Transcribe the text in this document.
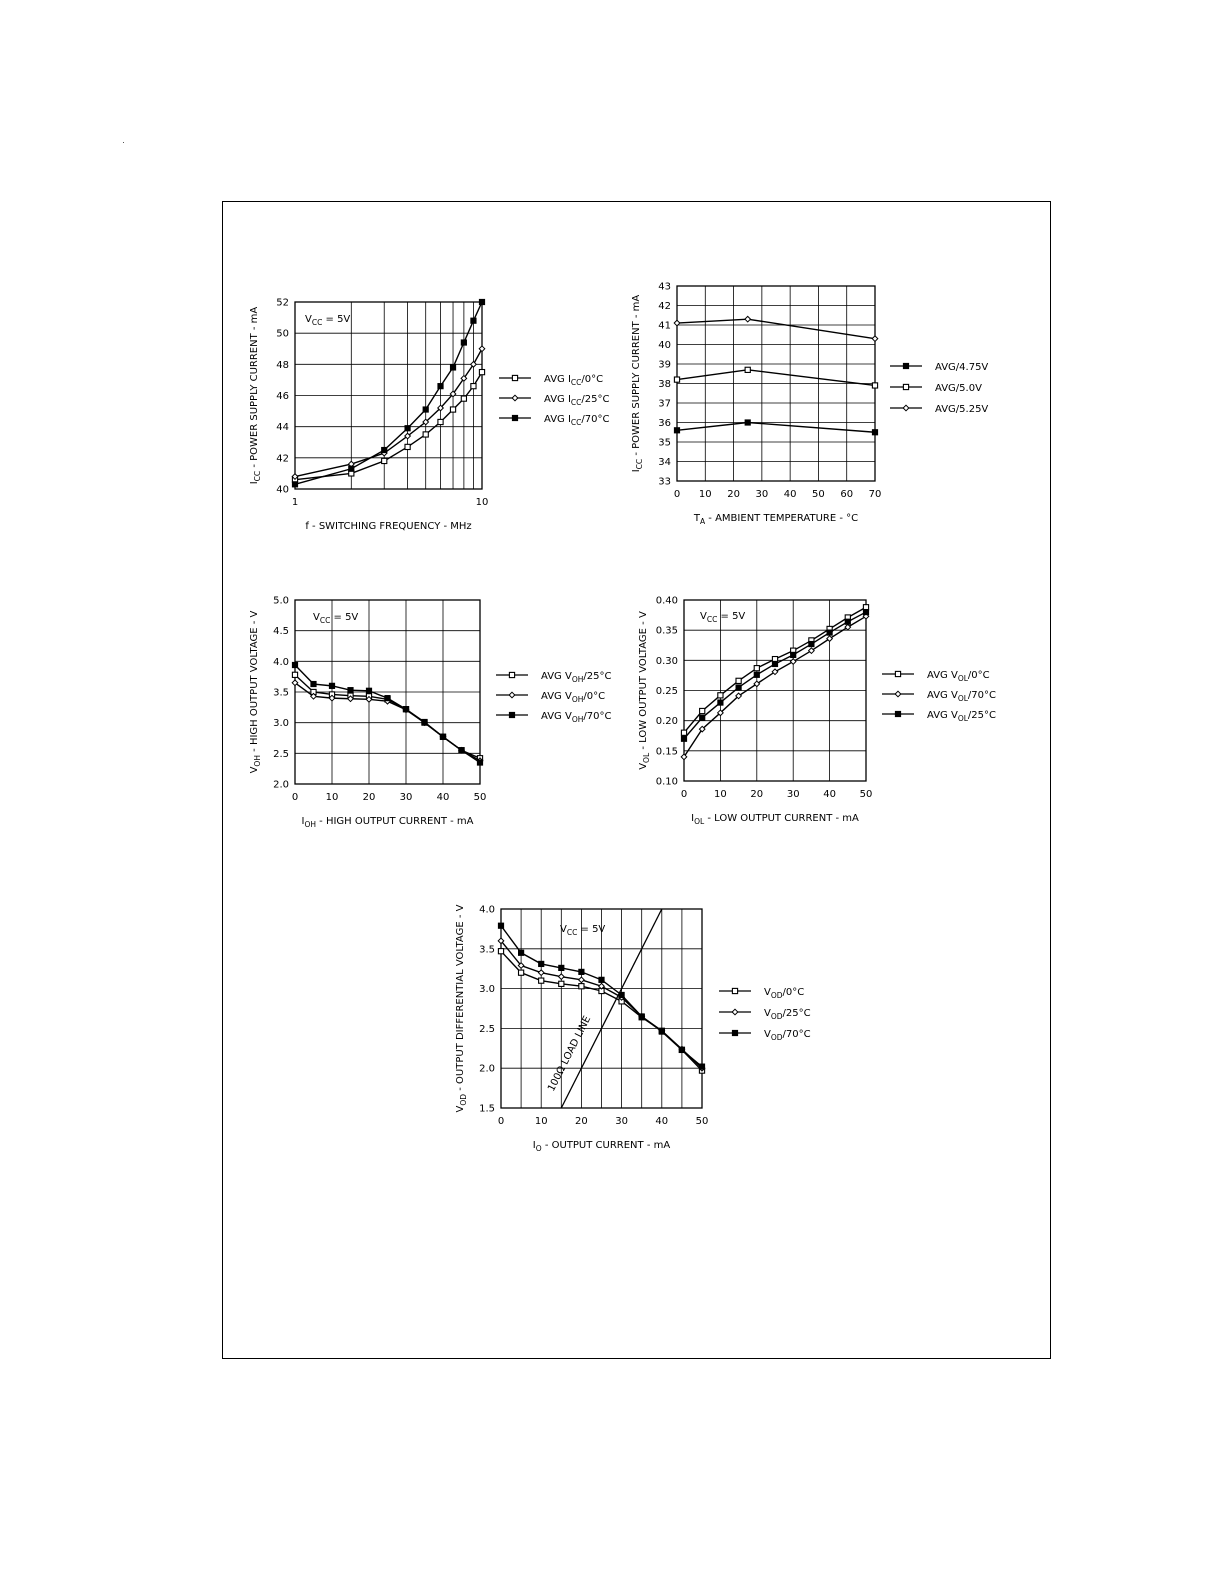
1	10
40
42
44
46
48
50
52
f - SWITCHING FREQUENCY - MHz
$I_{CC}$ - POWER SUPPLY CURRENT - mA	$V_{CC} = 5V$
AVG $I_{CC}/0^\circ C$
AVG $I_{CC}/25^\circ C$
AVG $I_{CC}/70^\circ C$
0 10 20 30 40 50 60 70
33
34
35
36
37
38
39
40
41
42
43
$T_A$ - AMBIENT TEMPERATURE - °C
$I_{CC}$ - POWER SUPPLY CURRENT - mA	AVG/4.75V
AVG/5.0V
AVG/5.25V
0	10 20 30 40 50
2.0
2.5
3.0
3.5
4.0
4.5
5.0
$I_{OH}$ - HIGH OUTPUT CURRENT - mA
$V_{OH}$ - HIGH OUTPUT VOLTAGE - V	$V_{CC} = 5V$
AVG $V_{OH}/25^\circ C$
AVG $V_{OH}/0^\circ C$
AVG $V_{OH}/70^\circ C$
0	10 20 30 40 50
0.10
0.15
0.20
0.25
0.30
0.35
0.40
$I_{OL}$ - LOW OUTPUT CURRENT - mA
$V_{OL}$ - LOW OUTPUT VOLTAGE - V	$V_{CC} = 5V$
AVG $V_{OL}/0^\circ C$
AVG $V_{OL}/70^\circ C$
AVG $V_{OL}/25^\circ C$
0	10	20	30	40	50
1.5
2.0
2.5
3.0
3.5
4.0
$I_O$ - OUTPUT CURRENT - mA
$V_{OD}$ - OUTPUT DIFFERENTIAL VOLTAGE - V	$V_{CC} = 5V$
100Ω LOAD LINE
$V_{OD}/0^\circ C$
$V_{OD}/25^\circ C$
$V_{OD}/70^\circ C$
